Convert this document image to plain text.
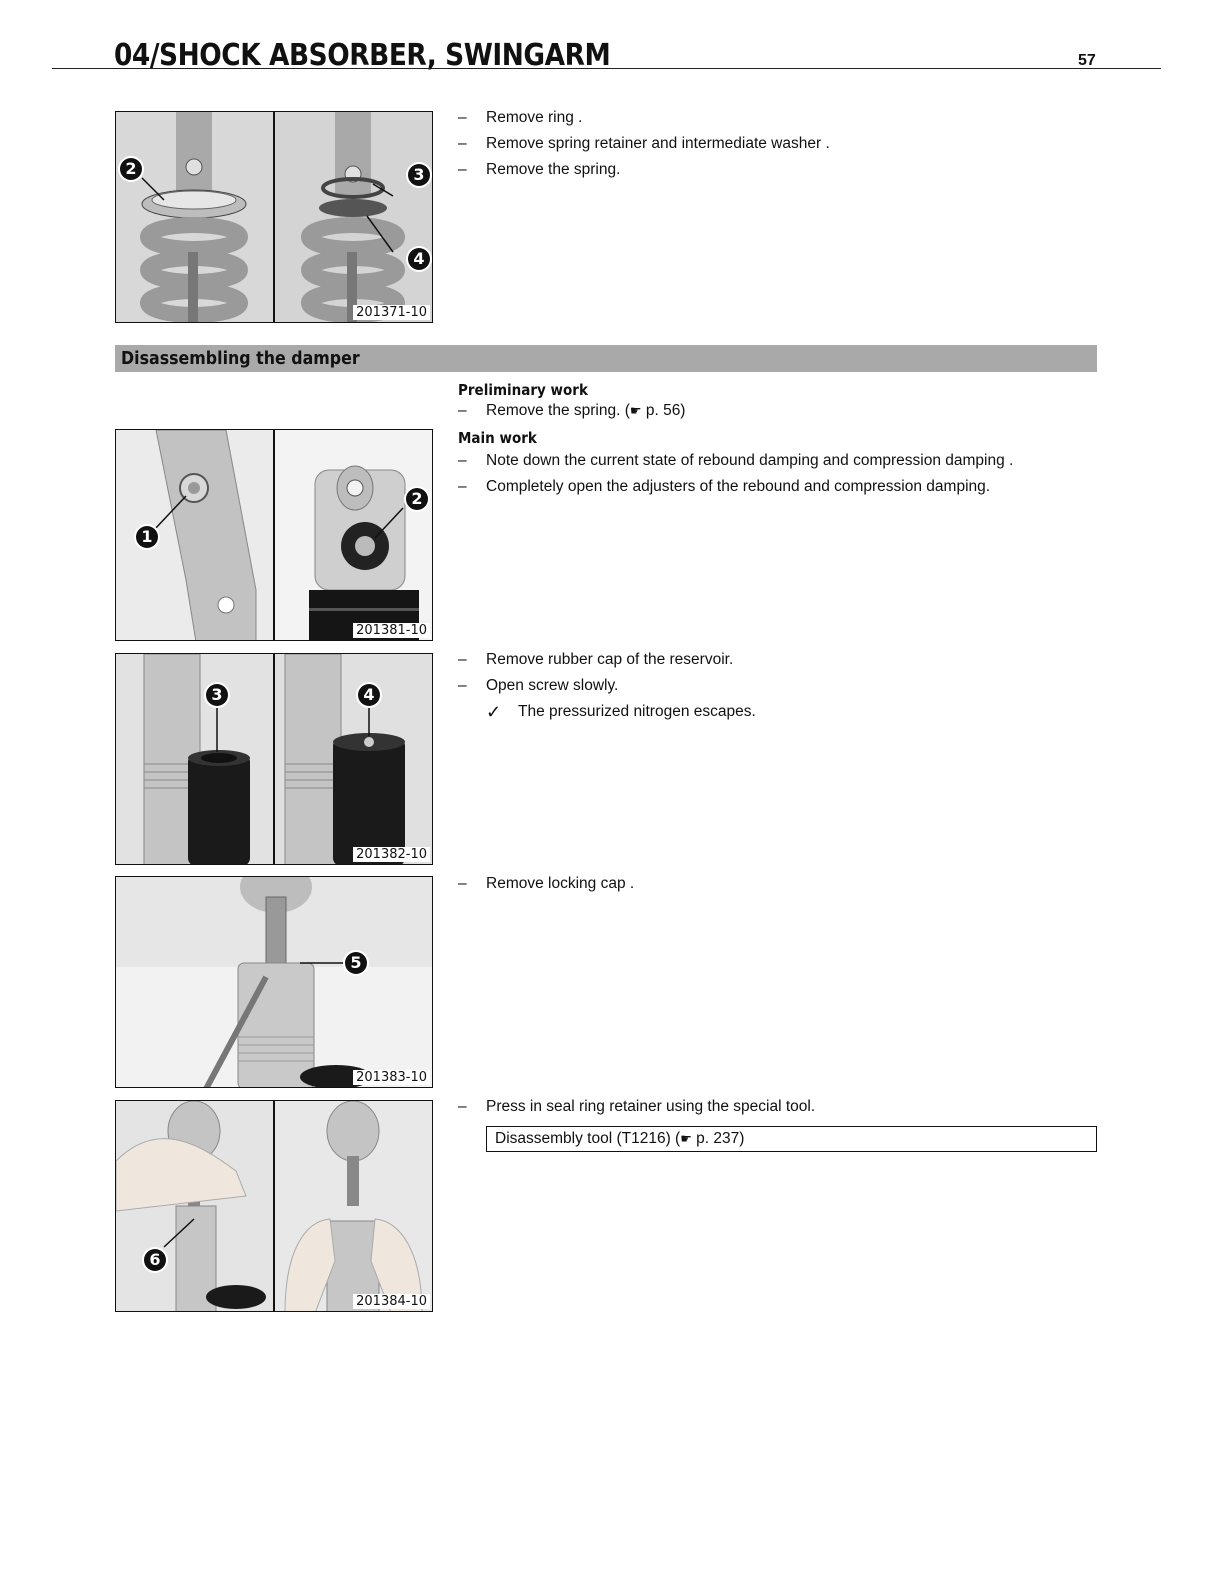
04/SHOCK ABSORBER, SWINGARM	57
2	3
4
201371-10
– Remove ring .
– Remove spring retainer and intermediate washer .
– Remove the spring.
Disassembling the damper
Preliminary work
– Remove the spring. (☛ p. 56)
Main work
– Note down the current state of rebound damping and compression damping .
– Completely open the adjusters of the rebound and compression damping.
1
2
201381-10
3	4
201382-10
– Remove rubber cap of the reservoir.
– Open screw slowly.
✓ The pressurized nitrogen escapes.
5
201383-10
– Remove locking cap .
6
201384-10
– Press in seal ring retainer using the special tool.
Disassembly tool (T1216) (☛ p. 237)
